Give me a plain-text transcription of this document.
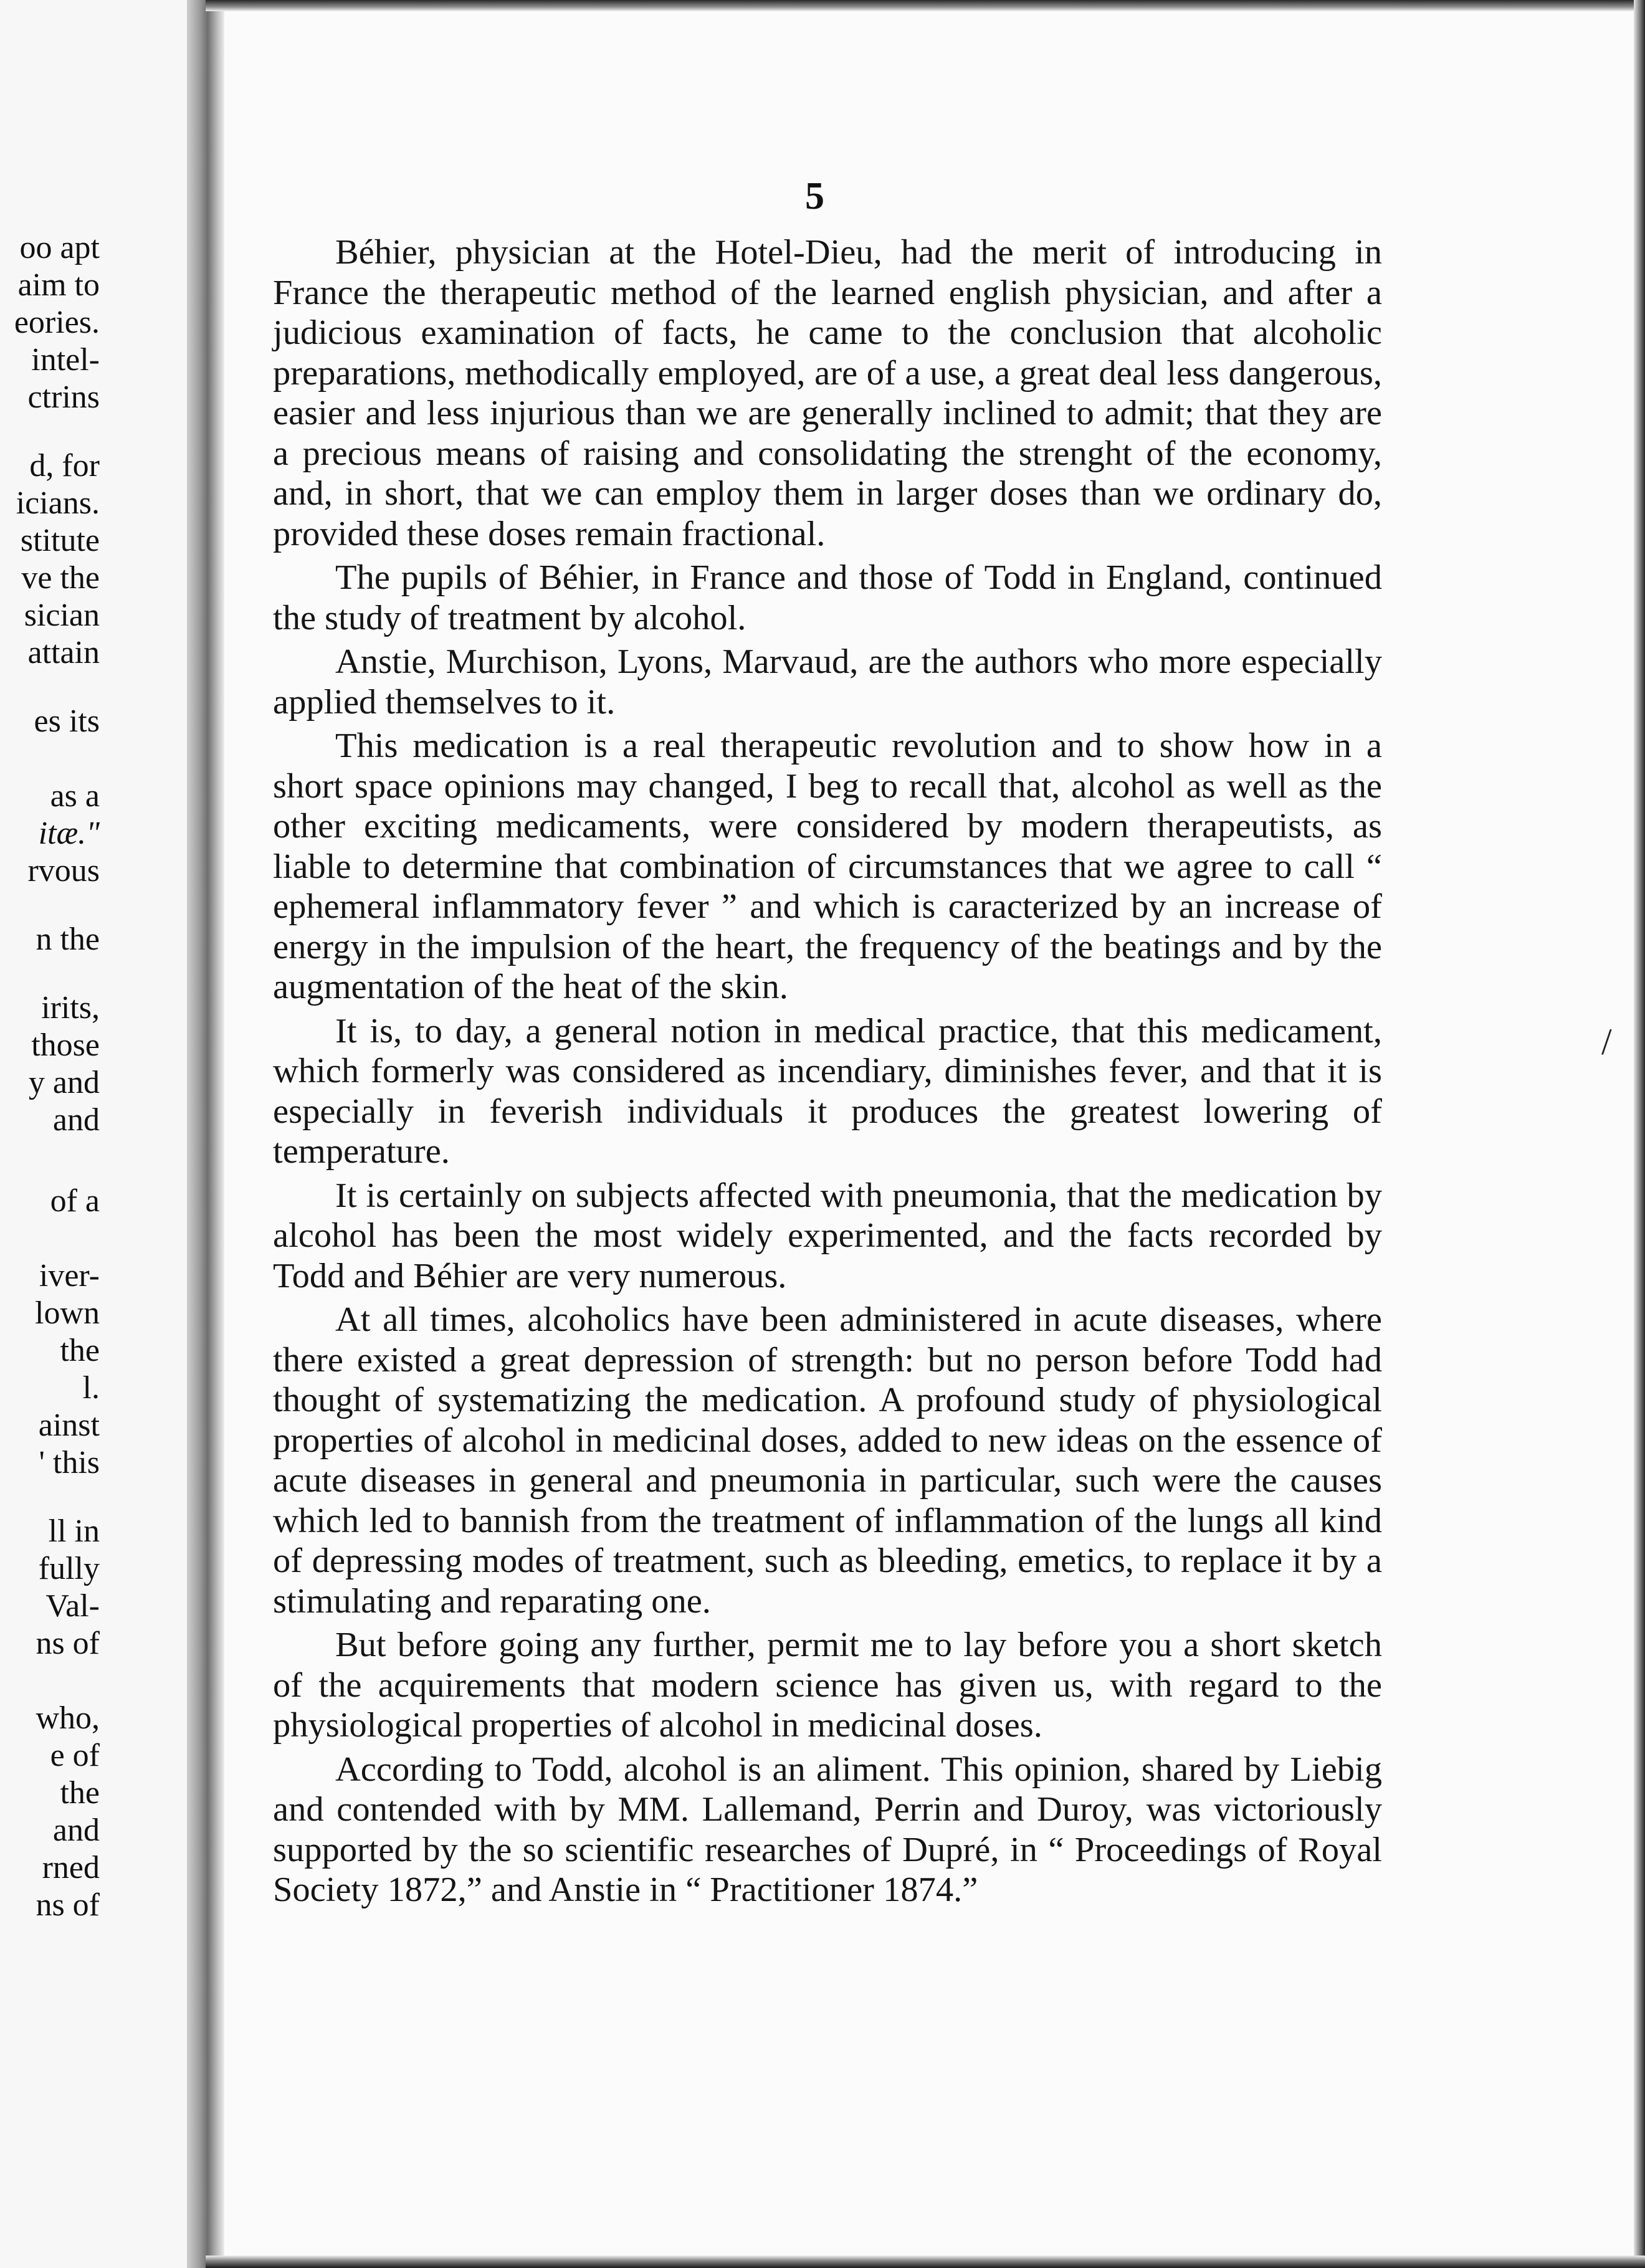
oo apt
aim to
eories.
intel-
ctrins
d, for
icians.
stitute
ve the
sician
attain
es its
as a
itæ."
rvous
n the
irits,
those
y and
and
of a
iver-
lown
the
l.
ainst
' this
ll in
fully
Val-
ns of
who,
e of
the
and
rned
ns of
5

Béhier, physician at the Hotel-Dieu, had the merit of introducing in France the therapeutic method of the learned english physician, and after a judicious examination of facts, he came to the conclusion that alcoholic preparations, methodically employed, are of a use, a great deal less dangerous, easier and less injurious than we are generally inclined to admit; that they are a precious means of raising and consolidating the strenght of the economy, and, in short, that we can employ them in larger doses than we ordinary do, provided these doses remain fractional.

The pupils of Béhier, in France and those of Todd in England, continued the study of treatment by alcohol.

Anstie, Murchison, Lyons, Marvaud, are the authors who more especially applied themselves to it.

This medication is a real therapeutic revolution and to show how in a short space opinions may changed, I beg to recall that, alcohol as well as the other exciting medicaments, were considered by modern therapeutists, as liable to determine that combination of circumstances that we agree to call “ ephemeral inflammatory fever ” and which is caracterized by an increase of energy in the impulsion of the heart, the frequency of the beatings and by the augmentation of the heat of the skin.

It is, to day, a general notion in medical practice, that this medicament, which formerly was considered as incendiary, diminishes fever, and that it is especially in feverish individuals it produces the greatest lowering of temperature.

It is certainly on subjects affected with pneumonia, that the medication by alcohol has been the most widely experimented, and the facts recorded by Todd and Béhier are very numerous.

At all times, alcoholics have been administered in acute diseases, where there existed a great depression of strength: but no person before Todd had thought of systematizing the medication. A profound study of physiological properties of alcohol in medicinal doses, added to new ideas on the essence of acute diseases in general and pneumonia in particular, such were the causes which led to bannish from the treatment of inflammation of the lungs all kind of depressing modes of treatment, such as bleeding, emetics, to replace it by a stimulating and reparating one.

But before going any further, permit me to lay before you a short sketch of the acquirements that modern science has given us, with regard to the physiological properties of alcohol in medicinal doses.

According to Todd, alcohol is an aliment. This opinion, shared by Liebig and contended with by MM. Lallemand, Perrin and Duroy, was victoriously supported by the so scientific researches of Dupré, in “ Proceedings of Royal Society 1872,” and Anstie in “ Practitioner 1874.”

/
